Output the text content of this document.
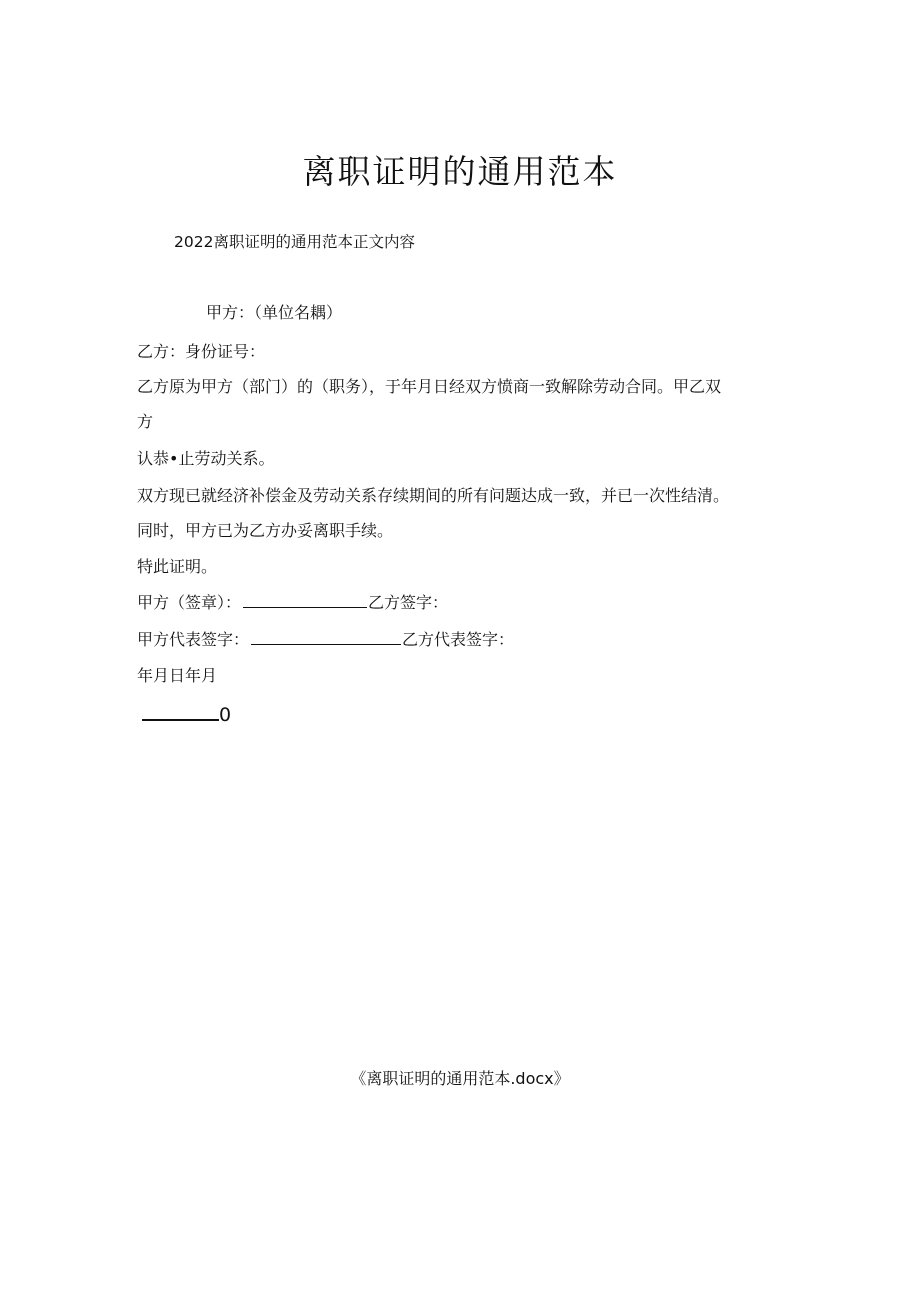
离职证明的通用范本
2022离职证明的通用范本正文内容
甲方：（单位名耦）
乙方：身份证号：
乙方原为甲方（部门）的（职务），于年月日经双方愤商一致解除劳动合同。甲乙双
方
认恭•止劳动关系。
双方现已就经济补偿金及劳动关系存续期间的所有问题达成一致，并已一次性结清。
同时，甲方已为乙方办妥离职手续。
特此证明。
甲方（签章）：	乙方签字：
甲方代表签字：	乙方代表签字：
年月日年月
0
《离职证明的通用范本.docx》
